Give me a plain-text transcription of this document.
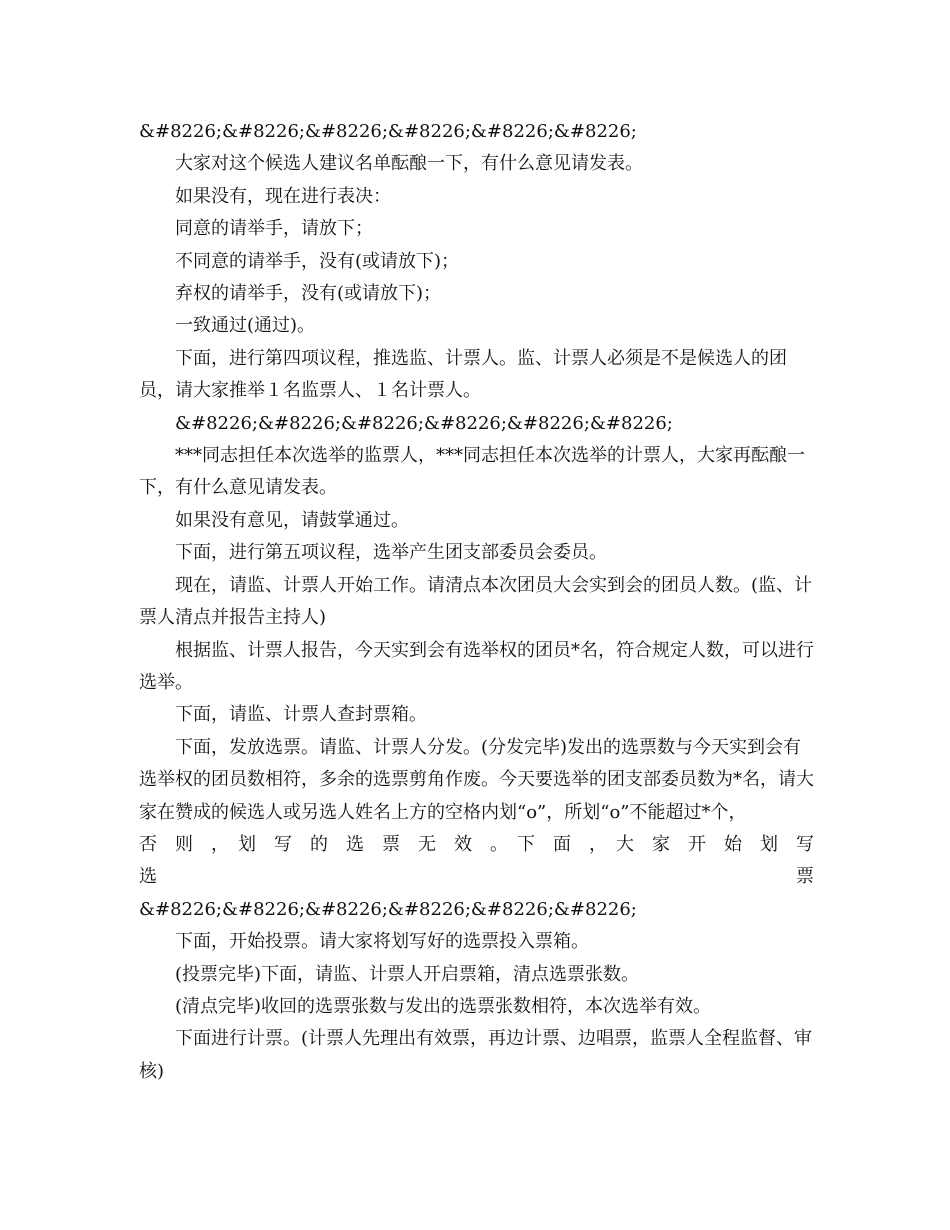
&#8226;&#8226;&#8226;&#8226;&#8226;&#8226;

大家对这个候选人建议名单酝酿一下，有什么意见请发表。

如果没有，现在进行表决：

同意的请举手，请放下；

不同意的请举手，没有(或请放下)；

弃权的请举手，没有(或请放下)；

一致通过(通过)。

下面，进行第四项议程，推选监、计票人。监、计票人必须是不是候选人的团员，请大家推举１名监票人、１名计票人。

&#8226;&#8226;&#8226;&#8226;&#8226;&#8226;

***同志担任本次选举的监票人，***同志担任本次选举的计票人，大家再酝酿一下，有什么意见请发表。

如果没有意见，请鼓掌通过。

下面，进行第五项议程，选举产生团支部委员会委员。

现在，请监、计票人开始工作。请清点本次团员大会实到会的团员人数。(监、计票人清点并报告主持人)

根据监、计票人报告，今天实到会有选举权的团员*名，符合规定人数，可以进行选举。

下面，请监、计票人查封票箱。

下面，发放选票。请监、计票人分发。(分发完毕)发出的选票数与今天实到会有选举权的团员数相符，多余的选票剪角作废。今天要选举的团支部委员数为*名，请大家在赞成的候选人或另选人姓名上方的空格内划“o”，所划“o”不能超过*个，

否　则　，　划　写　的　选　票　无　效　。　下　面　，　大　家　开　始　划　写　选　票

&#8226;&#8226;&#8226;&#8226;&#8226;&#8226;

下面，开始投票。请大家将划写好的选票投入票箱。

(投票完毕)下面，请监、计票人开启票箱，清点选票张数。

(清点完毕)收回的选票张数与发出的选票张数相符，本次选举有效。

下面进行计票。(计票人先理出有效票，再边计票、边唱票，监票人全程监督、审核)
